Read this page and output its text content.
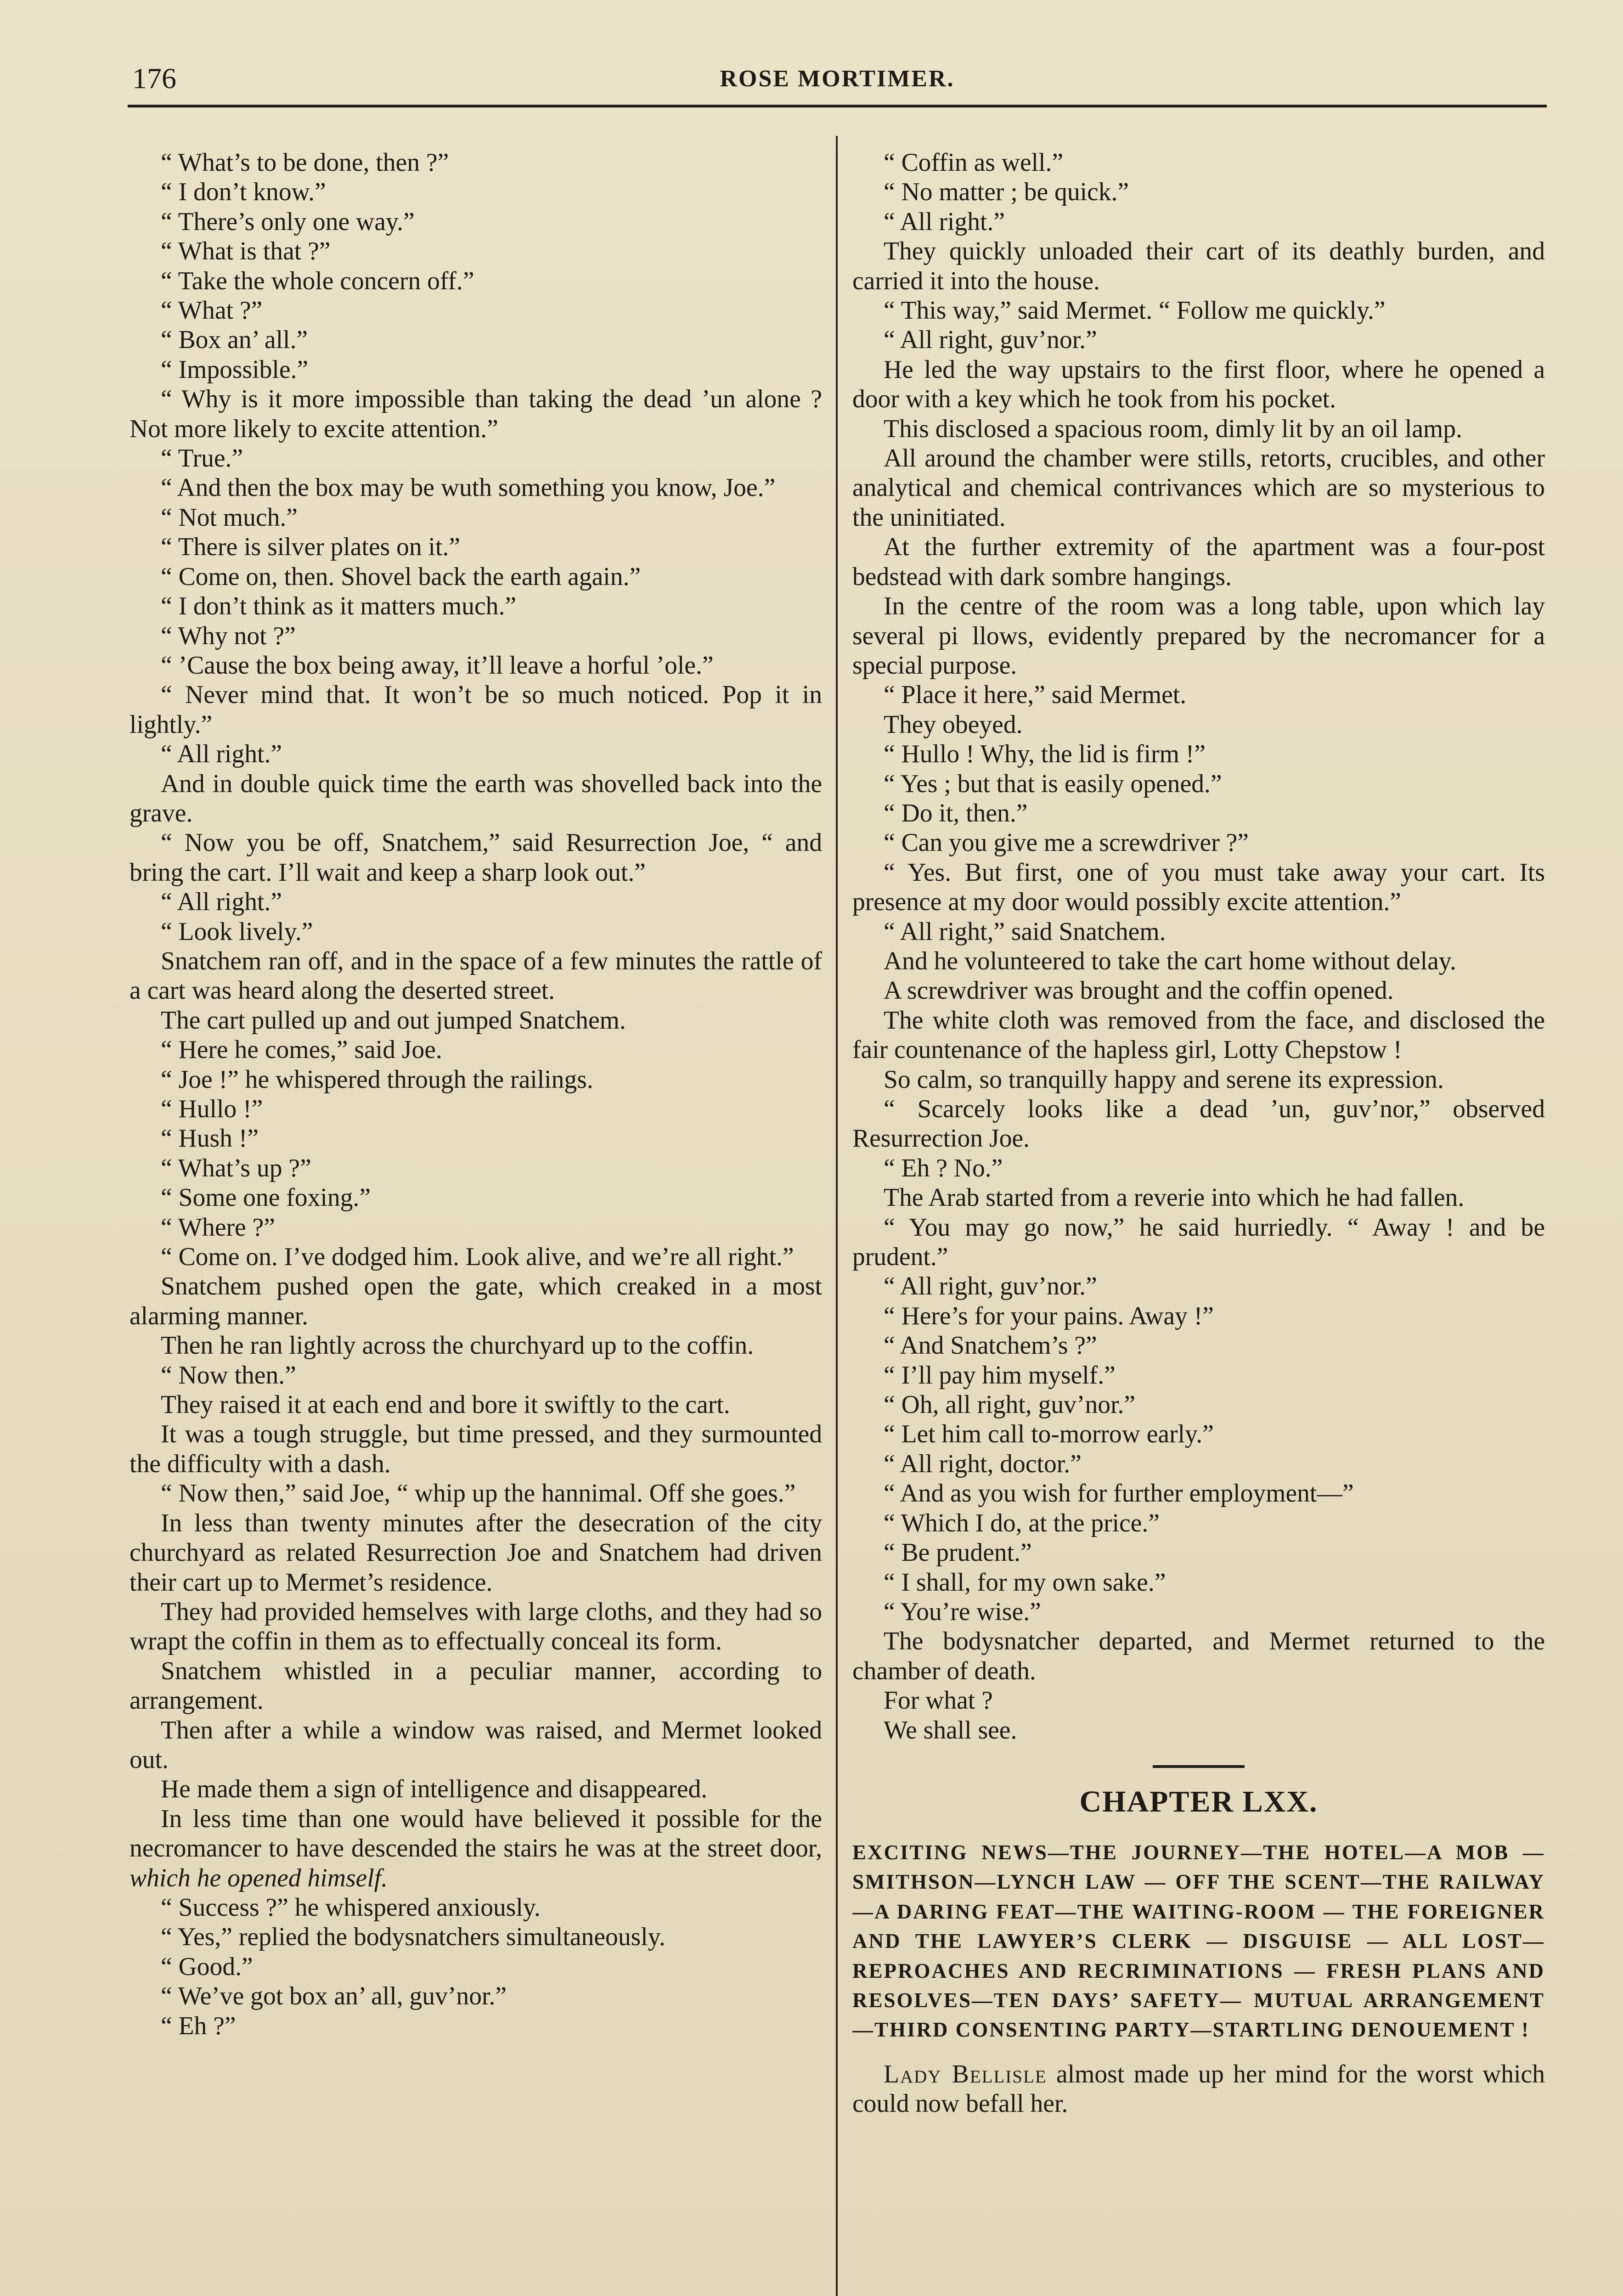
176	ROSE MORTIMER.

“ What’s to be done, then ?”

“ I don’t know.”

“ There’s only one way.”

“ What is that ?”

“ Take the whole concern off.”

“ What ?”

“ Box an’ all.”

“ Impossible.”

“ Why is it more impossible than taking the dead ’un alone ? Not more likely to excite attention.”

“ True.”

“ And then the box may be wuth something you know, Joe.”

“ Not much.”

“ There is silver plates on it.”

“ Come on, then. Shovel back the earth again.”

“ I don’t think as it matters much.”

“ Why not ?”

“ ’Cause the box being away, it’ll leave a horful ’ole.”

“ Never mind that. It won’t be so much noticed. Pop it in lightly.”

“ All right.”

And in double quick time the earth was shovelled back into the grave.

“ Now you be off, Snatchem,” said Resurrection Joe, “ and bring the cart. I’ll wait and keep a sharp look out.”

“ All right.”

“ Look lively.”

Snatchem ran off, and in the space of a few minutes the rattle of a cart was heard along the deserted street.

The cart pulled up and out jumped Snatchem.

“ Here he comes,” said Joe.

“ Joe !” he whispered through the railings.

“ Hullo !”

“ Hush !”

“ What’s up ?”

“ Some one foxing.”

“ Where ?”

“ Come on. I’ve dodged him. Look alive, and we’re all right.”

Snatchem pushed open the gate, which creaked in a most alarming manner.

Then he ran lightly across the churchyard up to the coffin.

“ Now then.”

They raised it at each end and bore it swiftly to the cart.

It was a tough struggle, but time pressed, and they surmounted the difficulty with a dash.

“ Now then,” said Joe, “ whip up the hannimal. Off she goes.”

In less than twenty minutes after the desecration of the city churchyard as related Resurrection Joe and Snatchem had driven their cart up to Mermet’s residence.

They had provided hemselves with large cloths, and they had so wrapt the coffin in them as to effectually conceal its form.

Snatchem whistled in a peculiar manner, according to arrangement.

Then after a while a window was raised, and Mermet looked out.

He made them a sign of intelligence and disappeared.

In less time than one would have believed it possible for the necromancer to have descended the stairs he was at the street door, which he opened himself.

“ Success ?” he whispered anxiously.

“ Yes,” replied the bodysnatchers simultaneously.

“ Good.”

“ We’ve got box an’ all, guv’nor.”

“ Eh ?”

“ Coffin as well.”

“ No matter ; be quick.”

“ All right.”

They quickly unloaded their cart of its deathly burden, and carried it into the house.

“ This way,” said Mermet. “ Follow me quickly.”

“ All right, guv’nor.”

He led the way upstairs to the first floor, where he opened a door with a key which he took from his pocket.

This disclosed a spacious room, dimly lit by an oil lamp.

All around the chamber were stills, retorts, crucibles, and other analytical and chemical contrivances which are so mysterious to the uninitiated.

At the further extremity of the apartment was a four-post bedstead with dark sombre hangings.

In the centre of the room was a long table, upon which lay several pi llows, evidently prepared by the necromancer for a special purpose.

“ Place it here,” said Mermet.

They obeyed.

“ Hullo ! Why, the lid is firm !”

“ Yes ; but that is easily opened.”

“ Do it, then.”

“ Can you give me a screwdriver ?”

“ Yes. But first, one of you must take away your cart. Its presence at my door would possibly excite attention.”

“ All right,” said Snatchem.

And he volunteered to take the cart home without delay.

A screwdriver was brought and the coffin opened.

The white cloth was removed from the face, and disclosed the fair countenance of the hapless girl, Lotty Chepstow !

So calm, so tranquilly happy and serene its expression.

“ Scarcely looks like a dead ’un, guv’nor,” observed Resurrection Joe.

“ Eh ? No.”

The Arab started from a reverie into which he had fallen.

“ You may go now,” he said hurriedly. “ Away ! and be prudent.”

“ All right, guv’nor.”

“ Here’s for your pains. Away !”

“ And Snatchem’s ?”

“ I’ll pay him myself.”

“ Oh, all right, guv’nor.”

“ Let him call to-morrow early.”

“ All right, doctor.”

“ And as you wish for further employment—”

“ Which I do, at the price.”

“ Be prudent.”

“ I shall, for my own sake.”

“ You’re wise.”

The bodysnatcher departed, and Mermet returned to the chamber of death.

For what ?

We shall see.

CHAPTER LXX.
EXCITING NEWS—THE JOURNEY—THE HOTEL—A MOB — SMITHSON—LYNCH LAW — OFF THE SCENT—THE RAILWAY—A DARING FEAT—THE WAITING-ROOM — THE FOREIGNER AND THE LAWYER’S CLERK — DISGUISE — ALL LOST— REPROACHES AND RECRIMINATIONS — FRESH PLANS AND RESOLVES—TEN DAYS’ SAFETY— MUTUAL ARRANGEMENT—THIRD CONSENTING PARTY—STARTLING DENOUEMENT !

Lady Bellisle almost made up her mind for the worst which could now befall her.
